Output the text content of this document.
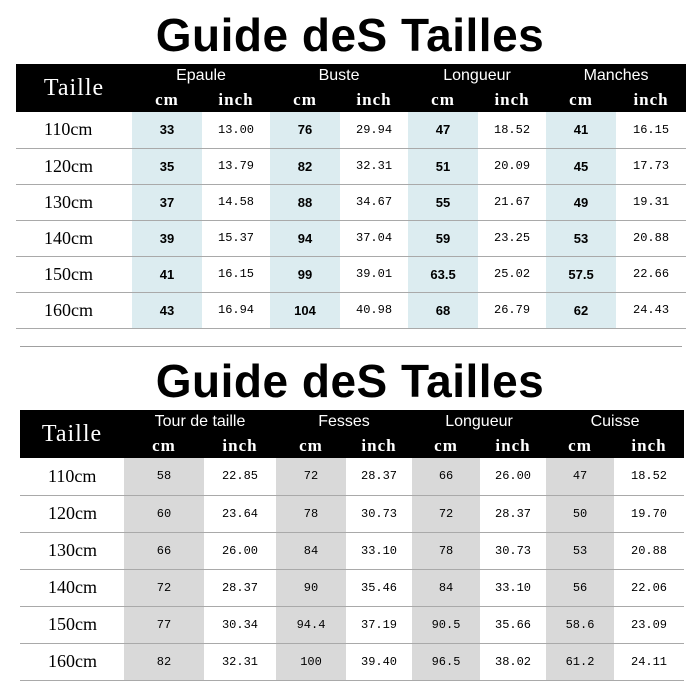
Guide deS Tailles
Taille	Epaule		Buste		Longueur		Manches	
	cm	inch	cm	inch	cm	inch	cm	inch
110cm	33	13.00	76	29.94	47	18.52	41	16.15
120cm	35	13.79	82	32.31	51	20.09	45	17.73
130cm	37	14.58	88	34.67	55	21.67	49	19.31
140cm	39	15.37	94	37.04	59	23.25	53	20.88
150cm	41	16.15	99	39.01	63.5	25.02	57.5	22.66
160cm	43	16.94	104	40.98	68	26.79	62	24.43
Guide deS Tailles
Taille	Tour de taille		Fesses		Longueur		Cuisse	
	cm	inch	cm	inch	cm	inch	cm	inch
110cm	58	22.85	72	28.37	66	26.00	47	18.52
120cm	60	23.64	78	30.73	72	28.37	50	19.70
130cm	66	26.00	84	33.10	78	30.73	53	20.88
140cm	72	28.37	90	35.46	84	33.10	56	22.06
150cm	77	30.34	94.4	37.19	90.5	35.66	58.6	23.09
160cm	82	32.31	100	39.40	96.5	38.02	61.2	24.11
